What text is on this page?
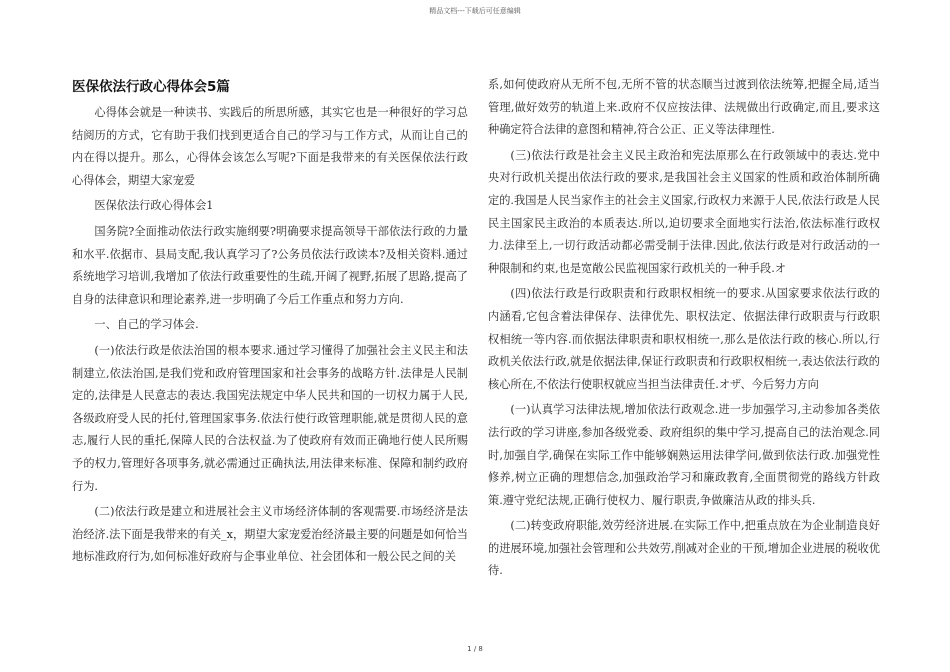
精品文档---下载后可任意编辑
医保依法行政心得体会5篇

心得体会就是一种读书、实践后的所思所感，其实它也是一种很好的学习总结阅历的方式，它有助于我们找到更适合自己的学习与工作方式，从而让自己的内在得以提升。那么，心得体会该怎么写呢?下面是我带来的有关医保依法行政心得体会，期望大家宠爱

医保依法行政心得体会1

国务院?全面推动依法行政实施纲要?明确要求提高领导干部依法行政的力量和水平.依据市、县局支配,我认真学习了?公务员依法行政读本?及相关资料.通过系统地学习培训,我增加了依法行政重要性的生疏,开阔了视野,拓展了思路,提高了自身的法律意识和理论素养,进一步明确了今后工作重点和努力方向.

一、自己的学习体会.

(一)依法行政是依法治国的根本要求.通过学习懂得了加强社会主义民主和法制建立,依法治国,是我们党和政府管理国家和社会事务的战略方针.法律是人民制定的,法律是人民意志的表达.我国宪法规定中华人民共和国的一切权力属于人民,各级政府受人民的托付,管理国家事务.依法行使行政管理职能,就是贯彻人民的意志,履行人民的重托,保障人民的合法权益.为了使政府有效而正确地行使人民所赐予的权力,管理好各项事务,就必需通过正确执法,用法律来标准、保障和制约政府行为.

(二)依法行政是建立和进展社会主义市场经济体制的客观需要.市场经济是法治经济.法下面是我带来的有关_x，期望大家宠爱治经济最主要的问题是如何恰当地标准政府行为,如何标准好政府与企事业单位、社会团体和一般公民之间的关

系,如何使政府从无所不包,无所不管的状态顺当过渡到依法统筹,把握全局,适当管理,做好效劳的轨道上来.政府不仅应按法律、法规做出行政确定,而且,要求这种确定符合法律的意图和精神,符合公正、正义等法律理性.

(三)依法行政是社会主义民主政治和宪法原那么在行政领域中的表达.党中央对行政机关提出依法行政的要求,是我国社会主义国家的性质和政治体制所确定的.我国是人民当家作主的社会主义国家,行政权力来源于人民,依法行政是人民民主国家民主政治的本质表达.所以,迫切要求全面地实行法治,依法标准行政权力.法律至上,一切行政活动都必需受制于法律.因此,依法行政是对行政活动的一种限制和约束,也是宽敞公民监视国家行政机关的一种手段.オ

(四)依法行政是行政职责和行政职权相统一的要求.从国家要求依法行政的内涵看,它包含着法律保存、法律优先、职权法定、依据法律行政职责与行政职权相统一等内容.而依据法律职责和职权相统一,那么是依法行政的核心.所以,行政机关依法行政,就是依据法律,保证行政职责和行政职权相统一,表达依法行政的核心所在,不依法行使职权就应当担当法律责任.オザ、今后努力方向

(一)认真学习法律法规,增加依法行政观念.进一步加强学习,主动参加各类依法行政的学习讲座,参加各级党委、政府组织的集中学习,提高自己的法治观念.同时,加强自学,确保在实际工作中能够娴熟运用法律学问,做到依法行政.加强党性修养,树立正确的理想信念,加强政治学习和廉政教育,全面贯彻党的路线方针政策.遵守党纪法规,正确行使权力、履行职责,争做廉洁从政的排头兵.

(二)转变政府职能,效劳经济进展.在实际工作中,把重点放在为企业制造良好的进展环境,加强社会管理和公共效劳,削减对企业的干预,增加企业进展的税收优待.

1 / 8
